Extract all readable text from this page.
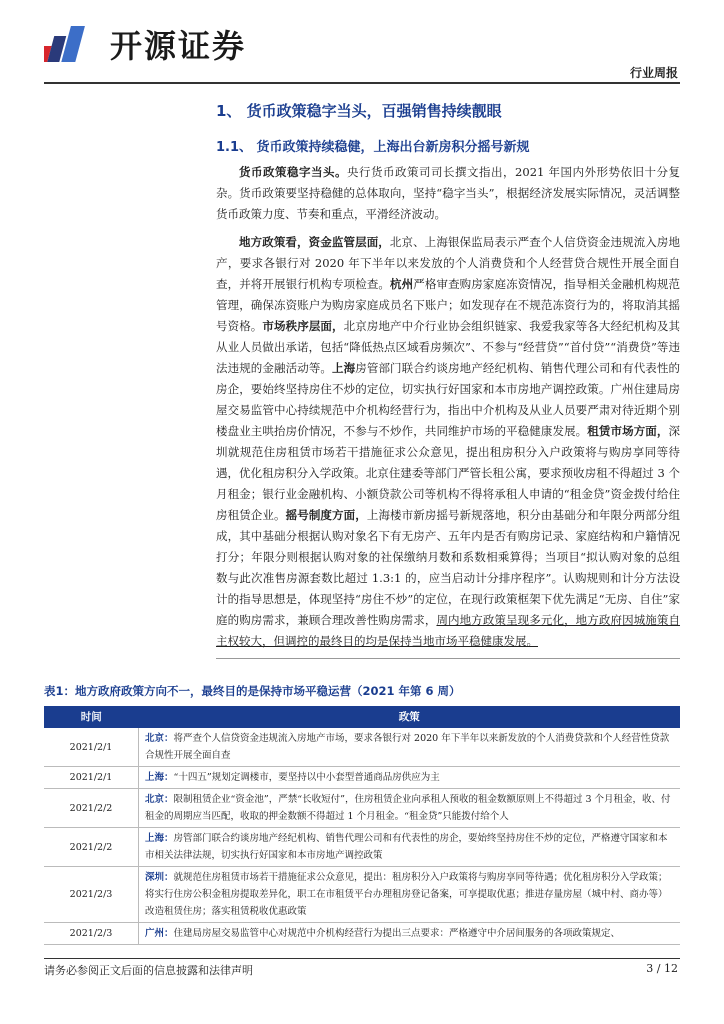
开源证券
行业周报
1、 货币政策稳字当头，百强销售持续靓眼
1.1、 货币政策持续稳健，上海出台新房积分摇号新规
货币政策稳字当头。央行货币政策司司长撰文指出，2021 年国内外形势依旧十分复杂。货币政策要坚持稳健的总体取向，坚持“稳字当头”，根据经济发展实际情况，灵活调整货币政策力度、节奏和重点，平滑经济波动。
地方政策看，资金监管层面，北京、上海银保监局表示严查个人信贷资金违规流入房地产，要求各银行对 2020 年下半年以来发放的个人消费贷和个人经营贷合规性开展全面自查，并将开展银行机构专项检查。杭州严格审查购房家庭冻资情况，指导相关金融机构规范管理，确保冻资账户为购房家庭成员名下账户；如发现存在不规范冻资行为的，将取消其摇号资格。市场秩序层面，北京房地产中介行业协会组织链家、我爱我家等各大经纪机构及其从业人员做出承诺，包括“降低热点区域看房频次”、不参与“经营贷”“首付贷”“消费贷”等违法违规的金融活动等。上海房管部门联合约谈房地产经纪机构、销售代理公司和有代表性的房企，要始终坚持房住不炒的定位，切实执行好国家和本市房地产调控政策。广州住建局房屋交易监管中心持续规范中介机构经营行为，指出中介机构及从业人员要严肃对待近期个别楼盘业主哄抬房价情况，不参与不炒作，共同维护市场的平稳健康发展。租赁市场方面，深圳就规范住房租赁市场若干措施征求公众意见，提出租房积分入户政策将与购房享同等待遇，优化租房积分入学政策。北京住建委等部门严管长租公寓，要求预收房租不得超过 3 个月租金；银行业金融机构、小额贷款公司等机构不得将承租人申请的“租金贷”资金拨付给住房租赁企业。摇号制度方面，上海楼市新房摇号新规落地，积分由基础分和年限分两部分组成，其中基础分根据认购对象名下有无房产、五年内是否有购房记录、家庭结构和户籍情况打分；年限分则根据认购对象的社保缴纳月数和系数相乘算得；当项目“拟认购对象的总组数与此次准售房源套数比超过 1.3:1 的，应当启动计分排序程序”。认购规则和计分方法设计的指导思想是，体现坚持“房住不炒”的定位，在现行政策框架下优先满足“无房、自住”家庭的购房需求，兼顾合理改善性购房需求，周内地方政策呈现多元化，地方政府因城施策自主权较大，但调控的最终目的均是保持当地市场平稳健康发展。
表1：地方政府政策方向不一，最终目的是保持市场平稳运营（2021 年第 6 周）
时间	政策
2021/2/1	北京：将严查个人信贷资金违规流入房地产市场，要求各银行对 2020 年下半年以来新发放的个人消费贷款和个人经营性贷款合规性开展全面自查
2021/2/1	上海：“十四五”规划定调楼市，要坚持以中小套型普通商品房供应为主
2021/2/2	北京：限制租赁企业“资金池”，严禁“长收短付”，住房租赁企业向承租人预收的租金数额原则上不得超过 3 个月租金，收、付租金的周期应当匹配，收取的押金数额不得超过 1 个月租金。“租金贷”只能拨付给个人
2021/2/2	上海：房管部门联合约谈房地产经纪机构、销售代理公司和有代表性的房企，要始终坚持房住不炒的定位，严格遵守国家和本市相关法律法规，切实执行好国家和本市房地产调控政策
2021/2/3	深圳：就规范住房租赁市场若干措施征求公众意见，提出：租房积分入户政策将与购房享同等待遇；优化租房积分入学政策；将实行住房公积金租房提取差异化，职工在市租赁平台办理租房登记备案，可享提取优惠；推进存量房屋（城中村、商办等）改造租赁住房；落实租赁税收优惠政策
2021/2/3	广州：住建局房屋交易监管中心对规范中介机构经营行为提出三点要求：严格遵守中介居间服务的各项政策规定、
请务必参阅正文后面的信息披露和法律声明	3 / 12
